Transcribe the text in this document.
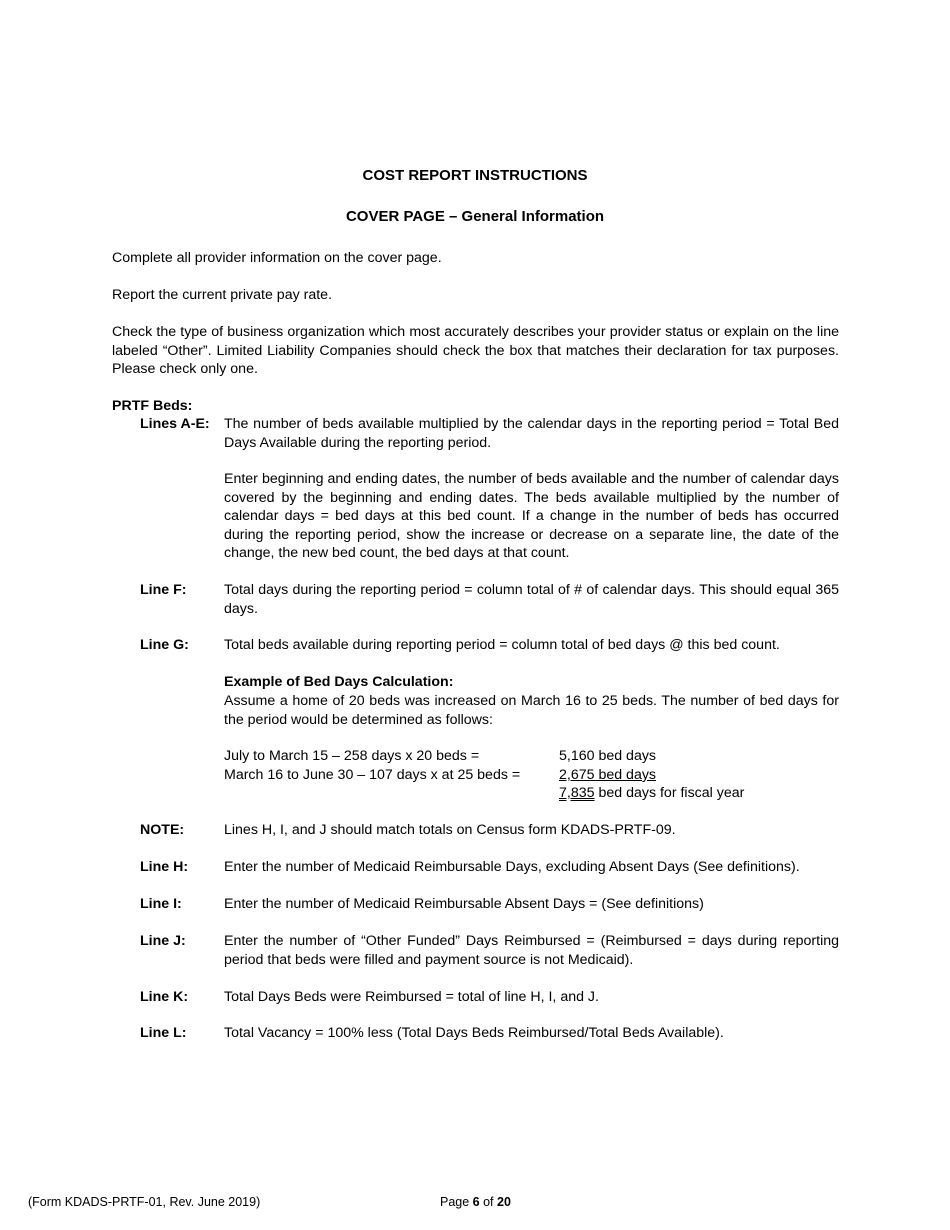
COST REPORT INSTRUCTIONS
COVER PAGE – General Information
Complete all provider information on the cover page.
Report the current private pay rate.
Check the type of business organization which most accurately describes your provider status or explain on the line labeled “Other”. Limited Liability Companies should check the box that matches their declaration for tax purposes. Please check only one.
PRTF Beds:
Lines A-E: The number of beds available multiplied by the calendar days in the reporting period = Total Bed Days Available during the reporting period.
Enter beginning and ending dates, the number of beds available and the number of calendar days covered by the beginning and ending dates. The beds available multiplied by the number of calendar days = bed days at this bed count. If a change in the number of beds has occurred during the reporting period, show the increase or decrease on a separate line, the date of the change, the new bed count, the bed days at that count.
Line F:	Total days during the reporting period = column total of # of calendar days. This should equal 365 days.
Line G: Total beds available during reporting period = column total of bed days @ this bed count.
Example of Bed Days Calculation:
Assume a home of 20 beds was increased on March 16 to 25 beds. The number of bed days for the period would be determined as follows:
July to March 15 – 258 days x 20 beds =	5,160 bed days
March 16 to June 30 – 107 days x at 25 beds =	2,675 bed days
7,835 bed days for fiscal year
NOTE:	Lines H, I, and J should match totals on Census form KDADS-PRTF-09.
Line H:	Enter the number of Medicaid Reimbursable Days, excluding Absent Days (See definitions).
Line I:	Enter the number of Medicaid Reimbursable Absent Days = (See definitions)
Line J:	Enter the number of “Other Funded” Days Reimbursed = (Reimbursed = days during reporting period that beds were filled and payment source is not Medicaid).
Line K:	Total Days Beds were Reimbursed = total of line H, I, and J.
Line L:	Total Vacancy = 100% less (Total Days Beds Reimbursed/Total Beds Available).
(Form KDADS-PRTF-01, Rev. June 2019)	Page 6 of 20
